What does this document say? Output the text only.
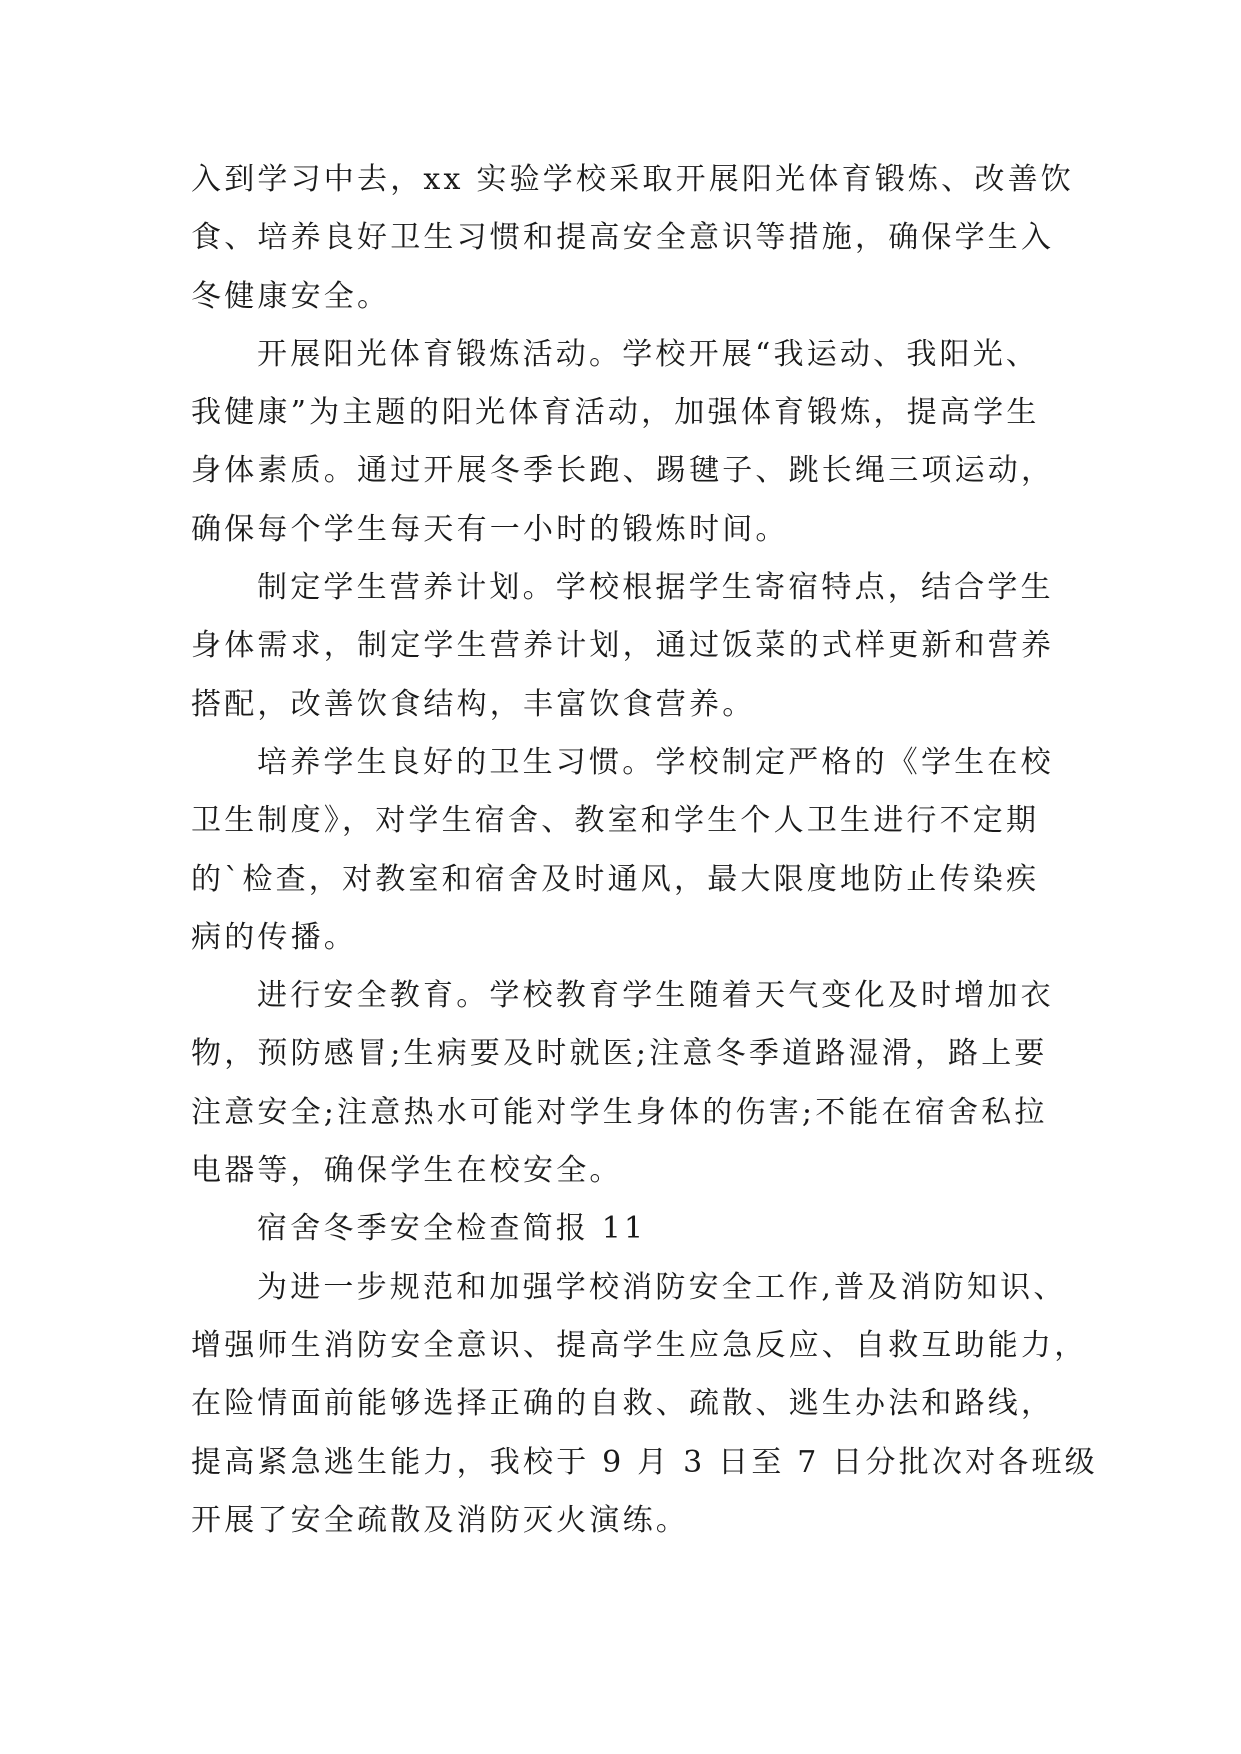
入到学习中去，xx 实验学校采取开展阳光体育锻炼、改善饮
食、培养良好卫生习惯和提高安全意识等措施，确保学生入
冬健康安全。
开展阳光体育锻炼活动。学校开展“我运动、我阳光、
我健康”为主题的阳光体育活动，加强体育锻炼，提高学生
身体素质。通过开展冬季长跑、踢毽子、跳长绳三项运动，
确保每个学生每天有一小时的锻炼时间。
制定学生营养计划。学校根据学生寄宿特点，结合学生
身体需求，制定学生营养计划，通过饭菜的式样更新和营养
搭配，改善饮食结构，丰富饮食营养。
培养学生良好的卫生习惯。学校制定严格的《学生在校
卫生制度》，对学生宿舍、教室和学生个人卫生进行不定期
的`检查，对教室和宿舍及时通风，最大限度地防止传染疾
病的传播。
进行安全教育。学校教育学生随着天气变化及时增加衣
物，预防感冒;生病要及时就医;注意冬季道路湿滑，路上要
注意安全;注意热水可能对学生身体的伤害;不能在宿舍私拉
电器等，确保学生在校安全。
宿舍冬季安全检查简报 11
为进一步规范和加强学校消防安全工作,普及消防知识、
增强师生消防安全意识、提高学生应急反应、自救互助能力，
在险情面前能够选择正确的自救、疏散、逃生办法和路线，
提高紧急逃生能力，我校于 9 月 3 日至 7 日分批次对各班级
开展了安全疏散及消防灭火演练。
